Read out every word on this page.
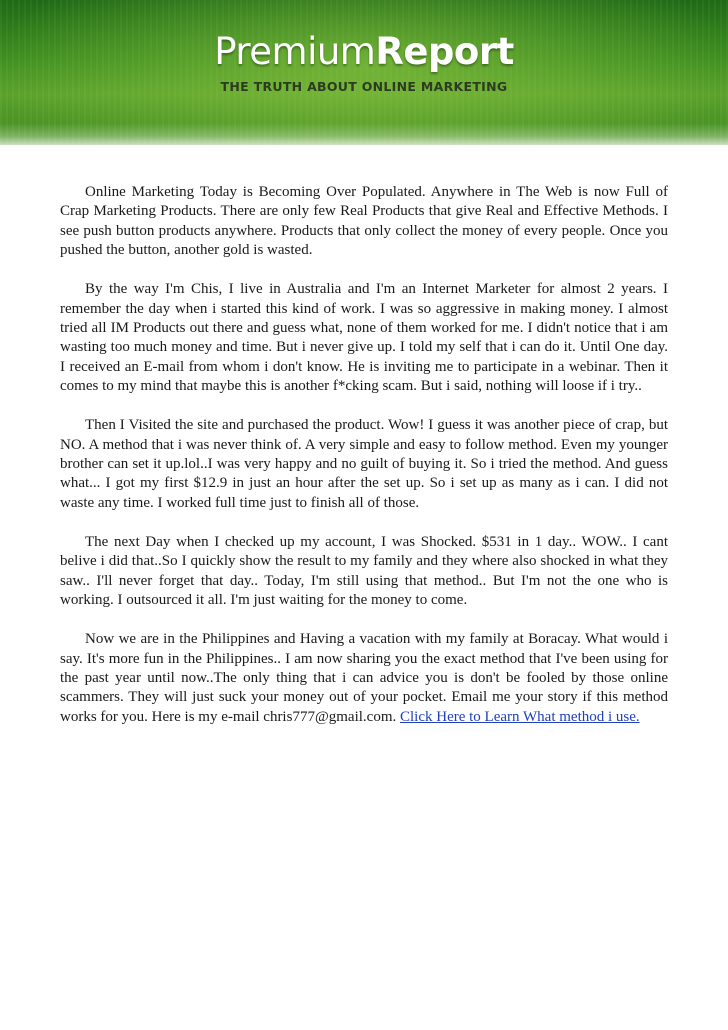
PremiumReport
THE TRUTH ABOUT ONLINE MARKETING

Online Marketing Today is Becoming Over Populated. Anywhere in The Web is now Full of Crap Marketing Products. There are only few Real Products that give Real and Effective Methods. I see push button products anywhere. Products that only collect the money of every people. Once you pushed the button, another gold is wasted.

By the way I'm Chis, I live in Australia and I'm an Internet Marketer for almost 2 years. I remember the day when i started this kind of work. I was so aggressive in making money. I almost tried all IM Products out there and guess what, none of them worked for me. I didn't notice that i am wasting too much money and time. But i never give up. I told my self that i can do it. Until One day. I received an E-mail from whom i don't know. He is inviting me to participate in a webinar. Then it comes to my mind that maybe this is another f*cking scam. But i said, nothing will loose if i try..

Then I Visited the site and purchased the product. Wow! I guess it was another piece of crap, but NO. A method that i was never think of. A very simple and easy to follow method. Even my younger brother can set it up.lol..I was very happy and no guilt of buying it. So i tried the method. And guess what... I got my first $12.9 in just an hour after the set up. So i set up as many as i can. I did not waste any time. I worked full time just to finish all of those.

The next Day when I checked up my account, I was Shocked. $531 in 1 day.. WOW.. I cant belive i did that..So I quickly show the result to my family and they where also shocked in what they saw.. I'll never forget that day.. Today, I'm still using that method.. But I'm not the one who is working. I outsourced it all. I'm just waiting for the money to come.

Now we are in the Philippines and Having a vacation with my family at Boracay. What would i say. It's more fun in the Philippines.. I am now sharing you the exact method that I've been using for the past year until now..The only thing that i can advice you is don't be fooled by those online scammers. They will just suck your money out of your pocket. Email me your story if this method works for you. Here is my e-mail chris777@gmail.com. Click Here to Learn What method i use.
